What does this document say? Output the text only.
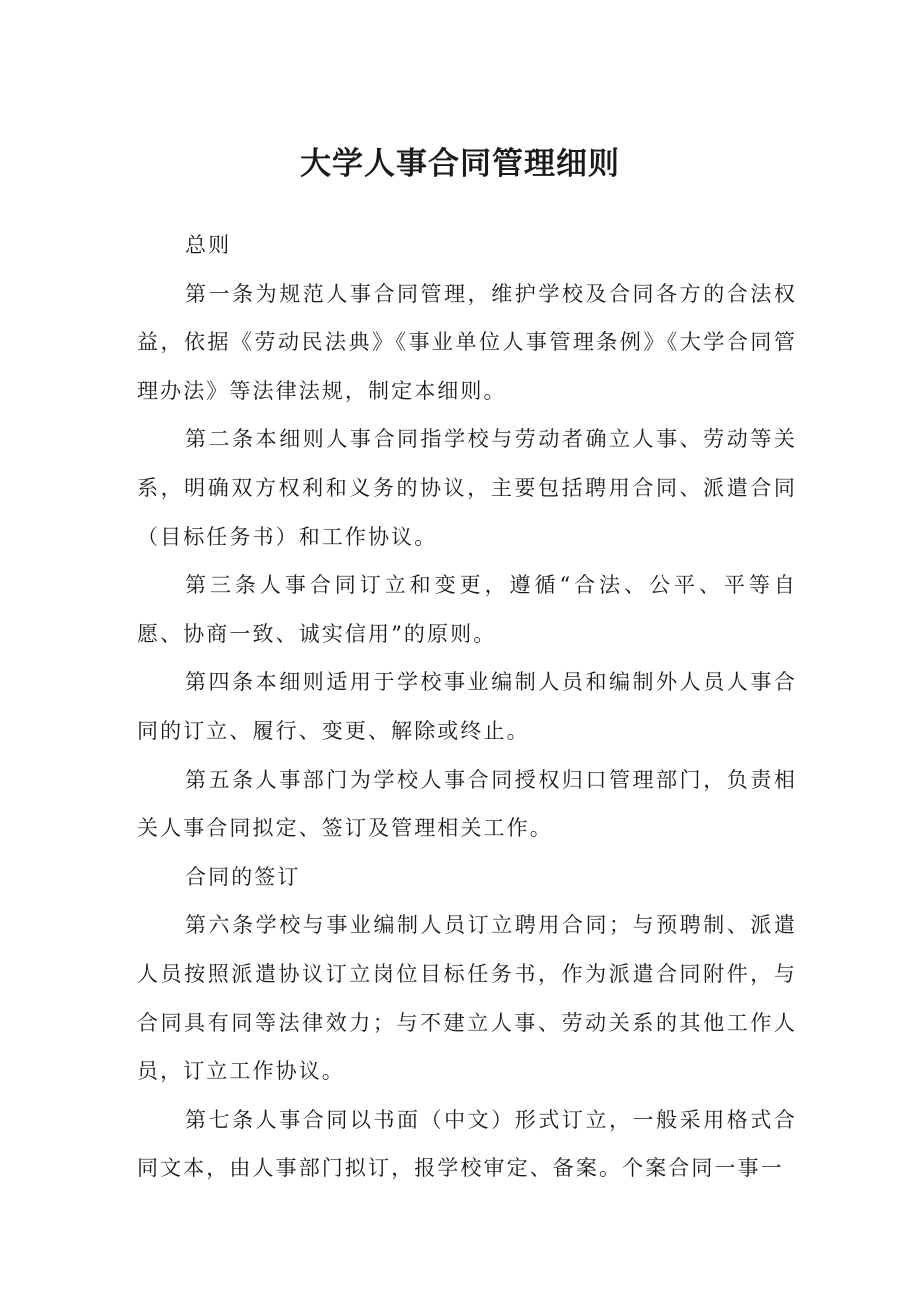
大学人事合同管理细则

总则

第一条为规范人事合同管理，维护学校及合同各方的合法权益，依据《劳动民法典》《事业单位人事管理条例》《大学合同管理办法》等法律法规，制定本细则。

第二条本细则人事合同指学校与劳动者确立人事、劳动等关系，明确双方权利和义务的协议，主要包括聘用合同、派遣合同（目标任务书）和工作协议。

第三条人事合同订立和变更，遵循“合法、公平、平等自愿、协商一致、诚实信用”的原则。

第四条本细则适用于学校事业编制人员和编制外人员人事合同的订立、履行、变更、解除或终止。

第五条人事部门为学校人事合同授权归口管理部门，负责相关人事合同拟定、签订及管理相关工作。

合同的签订

第六条学校与事业编制人员订立聘用合同；与预聘制、派遣人员按照派遣协议订立岗位目标任务书，作为派遣合同附件，与合同具有同等法律效力；与不建立人事、劳动关系的其他工作人员，订立工作协议。

第七条人事合同以书面（中文）形式订立，一般采用格式合同文本，由人事部门拟订，报学校审定、备案。个案合同一事一
